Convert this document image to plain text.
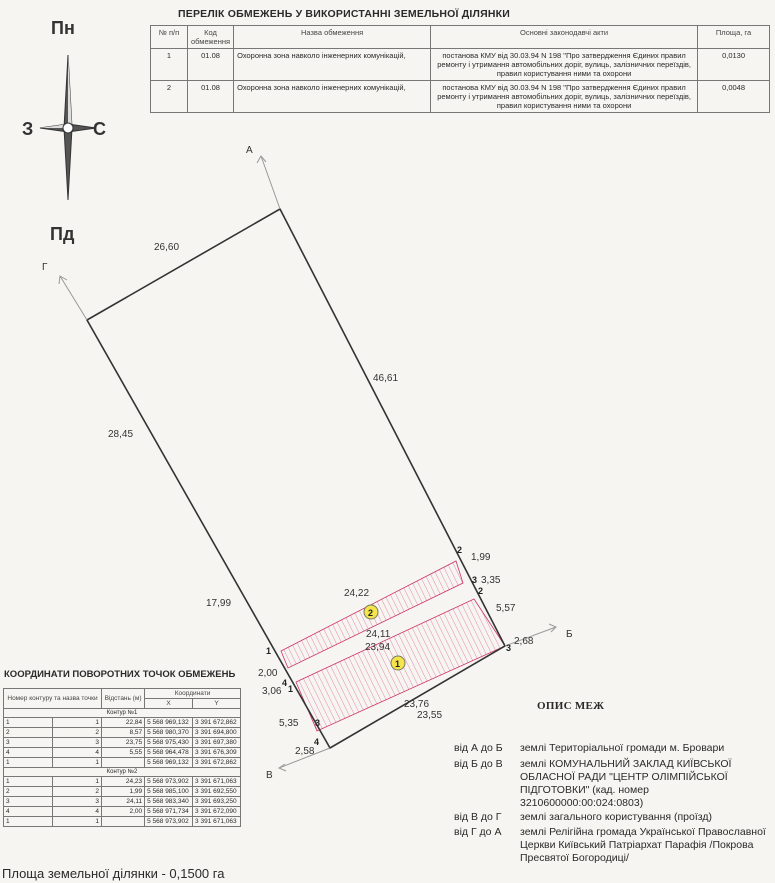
Пн
Пд
З	С
А
Б
В
Г
26,60
46,61
28,45
17,99
24,22
24,11
23,94
23,76
23,55
1,99
3,35
5,57
2,68
2,00
3,06
5,35
2,58
2
3
2
3
1
4
1
3
4
2
1
ПЕРЕЛІК ОБМЕЖЕНЬ У ВИКОРИСТАННІ ЗЕМЕЛЬНОЇ ДІЛЯНКИ
№ п/п	Код обмеження	Назва обмеження	Основні законодавчі акти	Площа, га
1	01.08	Охоронна зона навколо інженерних комунікацій,	постанова КМУ від 30.03.94 N 198 "Про затвердження Єдиних правил ремонту і утримання автомобільних доріг, вулиць, залізничних переїздів, правил користування ними та охорони	0,0130
2	01.08	Охоронна зона навколо інженерних комунікацій,	постанова КМУ від 30.03.94 N 198 "Про затвердження Єдиних правил ремонту і утримання автомобільних доріг, вулиць, залізничних переїздів, правил користування ними та охорони	0,0048
КООРДИНАТИ ПОВОРОТНИХ ТОЧОК ОБМЕЖЕНЬ
Номер контуру та назва точки		Відстань (м)	Координати	
			X	Y
Контур №1				
1	1	22,84	5 568 969,132	3 391 672,862
2	2	8,57	5 568 980,370	3 391 694,800
3	3	23,75	5 568 975,430	3 391 697,380
4	4	5,55	5 568 964,478	3 391 676,309
1	1		5 568 969,132	3 391 672,862
Контур №2				
1	1	24,23	5 568 973,902	3 391 671,063
2	2	1,99	5 568 985,100	3 391 692,550
3	3	24,11	5 568 983,340	3 391 693,250
4	4	2,00	5 568 971,734	3 391 672,090
1	1		5 568 973,902	3 391 671,063
Площа земельної ділянки - 0,1500 га
ОПИС МЕЖ
від А до Б	землі Територіальної громади м. Бровари
від Б до В	землі КОМУНАЛЬНИЙ ЗАКЛАД КИЇВСЬКОЇ ОБЛАСНОЇ РАДИ "ЦЕНТР ОЛІМПІЙСЬКОЇ ПІДГОТОВКИ" (кад. номер 3210600000:00:024:0803)
від В до Г	землі загального користування (проїзд)
від Г до А	землі Релігійна громада Української Православної Церкви Київський Патріархат Парафія /Покрова Пресвятої Богородиці/
